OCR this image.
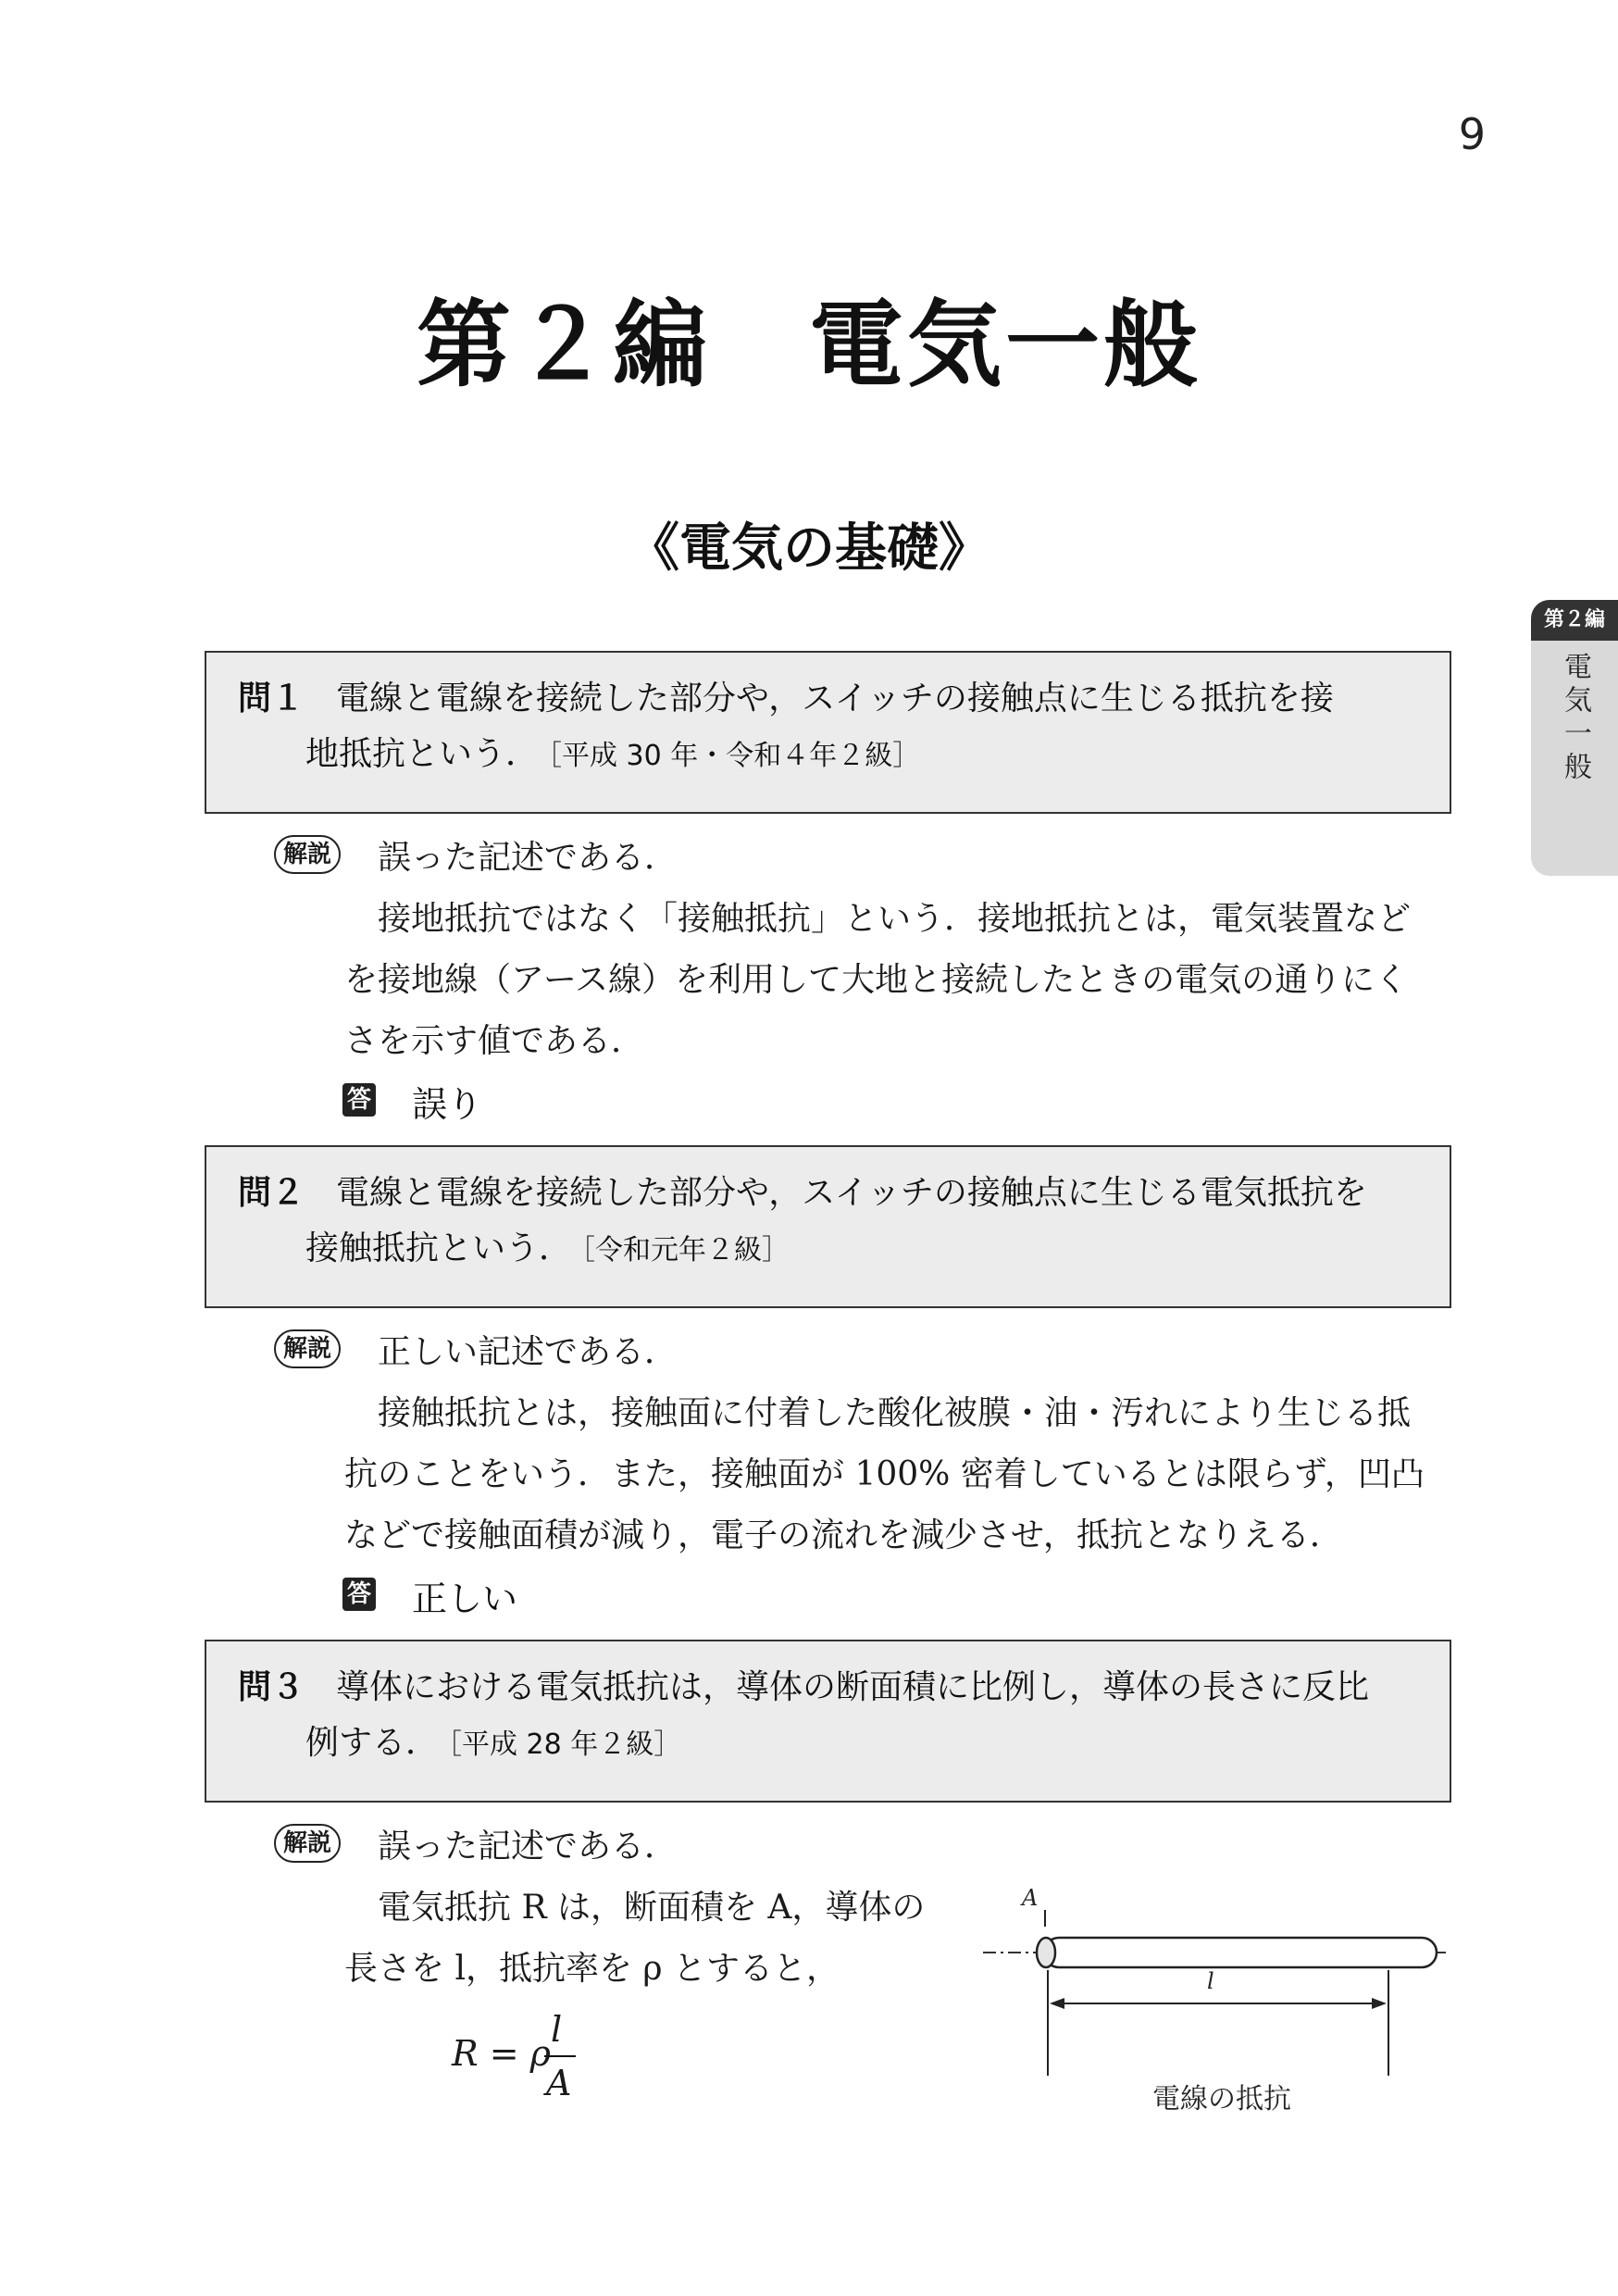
9
第２編　電気一般
《電気の基礎》
第２編
電気一般
問１ 電線と電線を接続した部分や，スイッチの接触点に生じる抵抗を接
地抵抗という． ［平成 30 年・令和４年２級］
解説 誤った記述である．
接地抵抗ではなく「接触抵抗」という．接地抵抗とは，電気装置など
を接地線（アース線）を利用して大地と接続したときの電気の通りにく
さを示す値である．
答 誤り
問２ 電線と電線を接続した部分や，スイッチの接触点に生じる電気抵抗を
接触抵抗という． ［令和元年２級］
解説 正しい記述である．
接触抵抗とは，接触面に付着した酸化被膜・油・汚れにより生じる抵
抗のことをいう．また，接触面が 100% 密着しているとは限らず，凹凸
などで接触面積が減り，電子の流れを減少させ，抵抗となりえる．
答 正しい
問３ 導体における電気抵抗は，導体の断面積に比例し，導体の長さに反比
例する． ［平成 28 年２級］
解説 誤った記述である．
電気抵抗 R は，断面積を A，導体の
長さを l，抵抗率を ρ とすると，
R = ρ
l
A
A
l
電線の抵抗
